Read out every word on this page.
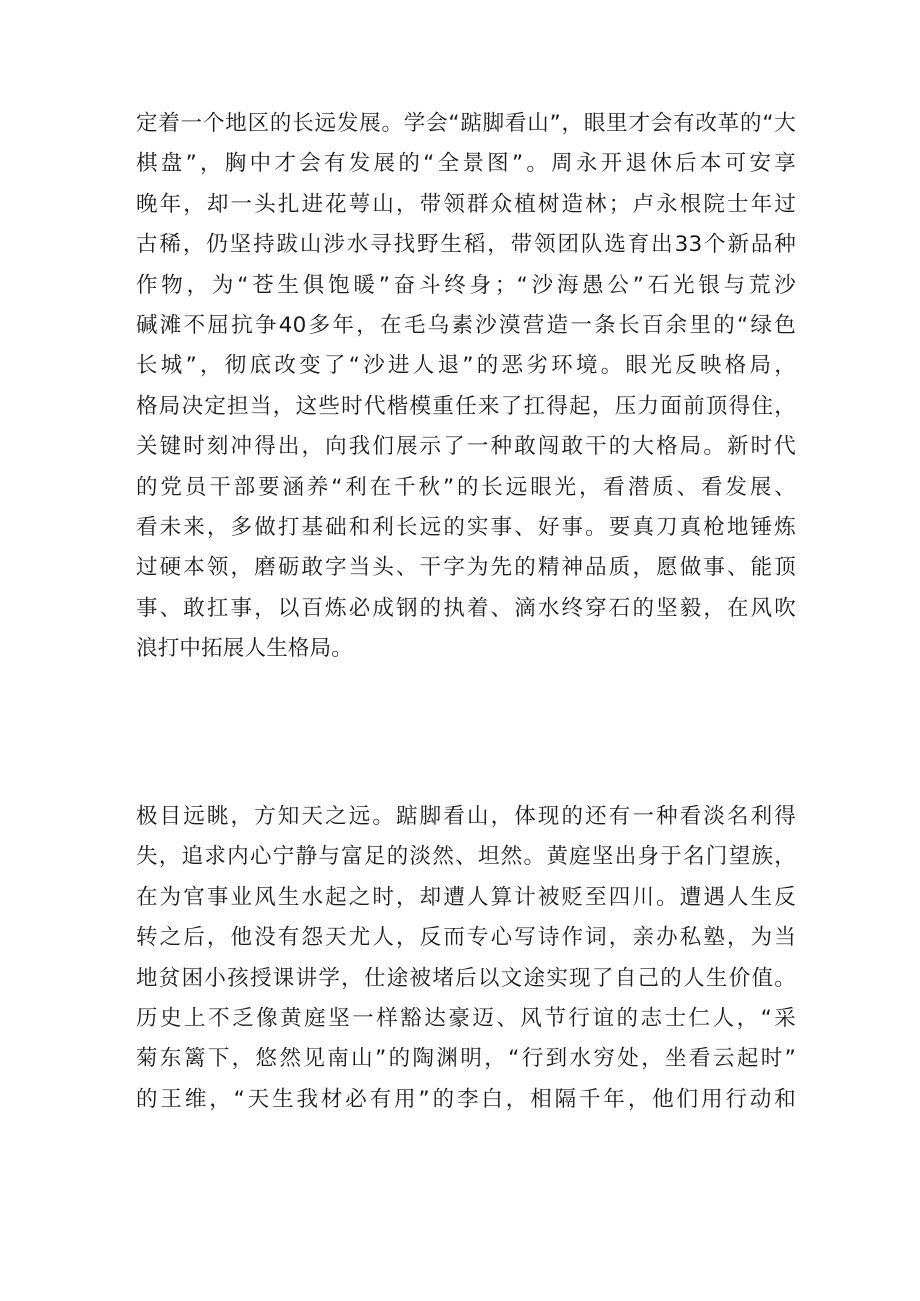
定着一个地区的长远发展。学会“踮脚看山”，眼里才会有改革的“大
棋盘”，胸中才会有发展的“全景图”。周永开退休后本可安享
晚年，却一头扎进花萼山，带领群众植树造林；卢永根院士年过
古稀，仍坚持跋山涉水寻找野生稻，带领团队选育出33个新品种
作物，为“苍生俱饱暖”奋斗终身；“沙海愚公”石光银与荒沙
碱滩不屈抗争40多年，在毛乌素沙漠营造一条长百余里的“绿色
长城”，彻底改变了“沙进人退”的恶劣环境。眼光反映格局，
格局决定担当，这些时代楷模重任来了扛得起，压力面前顶得住，
关键时刻冲得出，向我们展示了一种敢闯敢干的大格局。新时代
的党员干部要涵养“利在千秋”的长远眼光，看潜质、看发展、
看未来，多做打基础和利长远的实事、好事。要真刀真枪地锤炼
过硬本领，磨砺敢字当头、干字为先的精神品质，愿做事、能顶
事、敢扛事，以百炼必成钢的执着、滴水终穿石的坚毅，在风吹
浪打中拓展人生格局。
极目远眺，方知天之远。踮脚看山，体现的还有一种看淡名利得
失，追求内心宁静与富足的淡然、坦然。黄庭坚出身于名门望族，
在为官事业风生水起之时，却遭人算计被贬至四川。遭遇人生反
转之后，他没有怨天尤人，反而专心写诗作词，亲办私塾，为当
地贫困小孩授课讲学，仕途被堵后以文途实现了自己的人生价值。
历史上不乏像黄庭坚一样豁达豪迈、风节行谊的志士仁人，“采
菊东篱下，悠然见南山”的陶渊明，“行到水穷处，坐看云起时”
的王维，“天生我材必有用”的李白，相隔千年，他们用行动和
